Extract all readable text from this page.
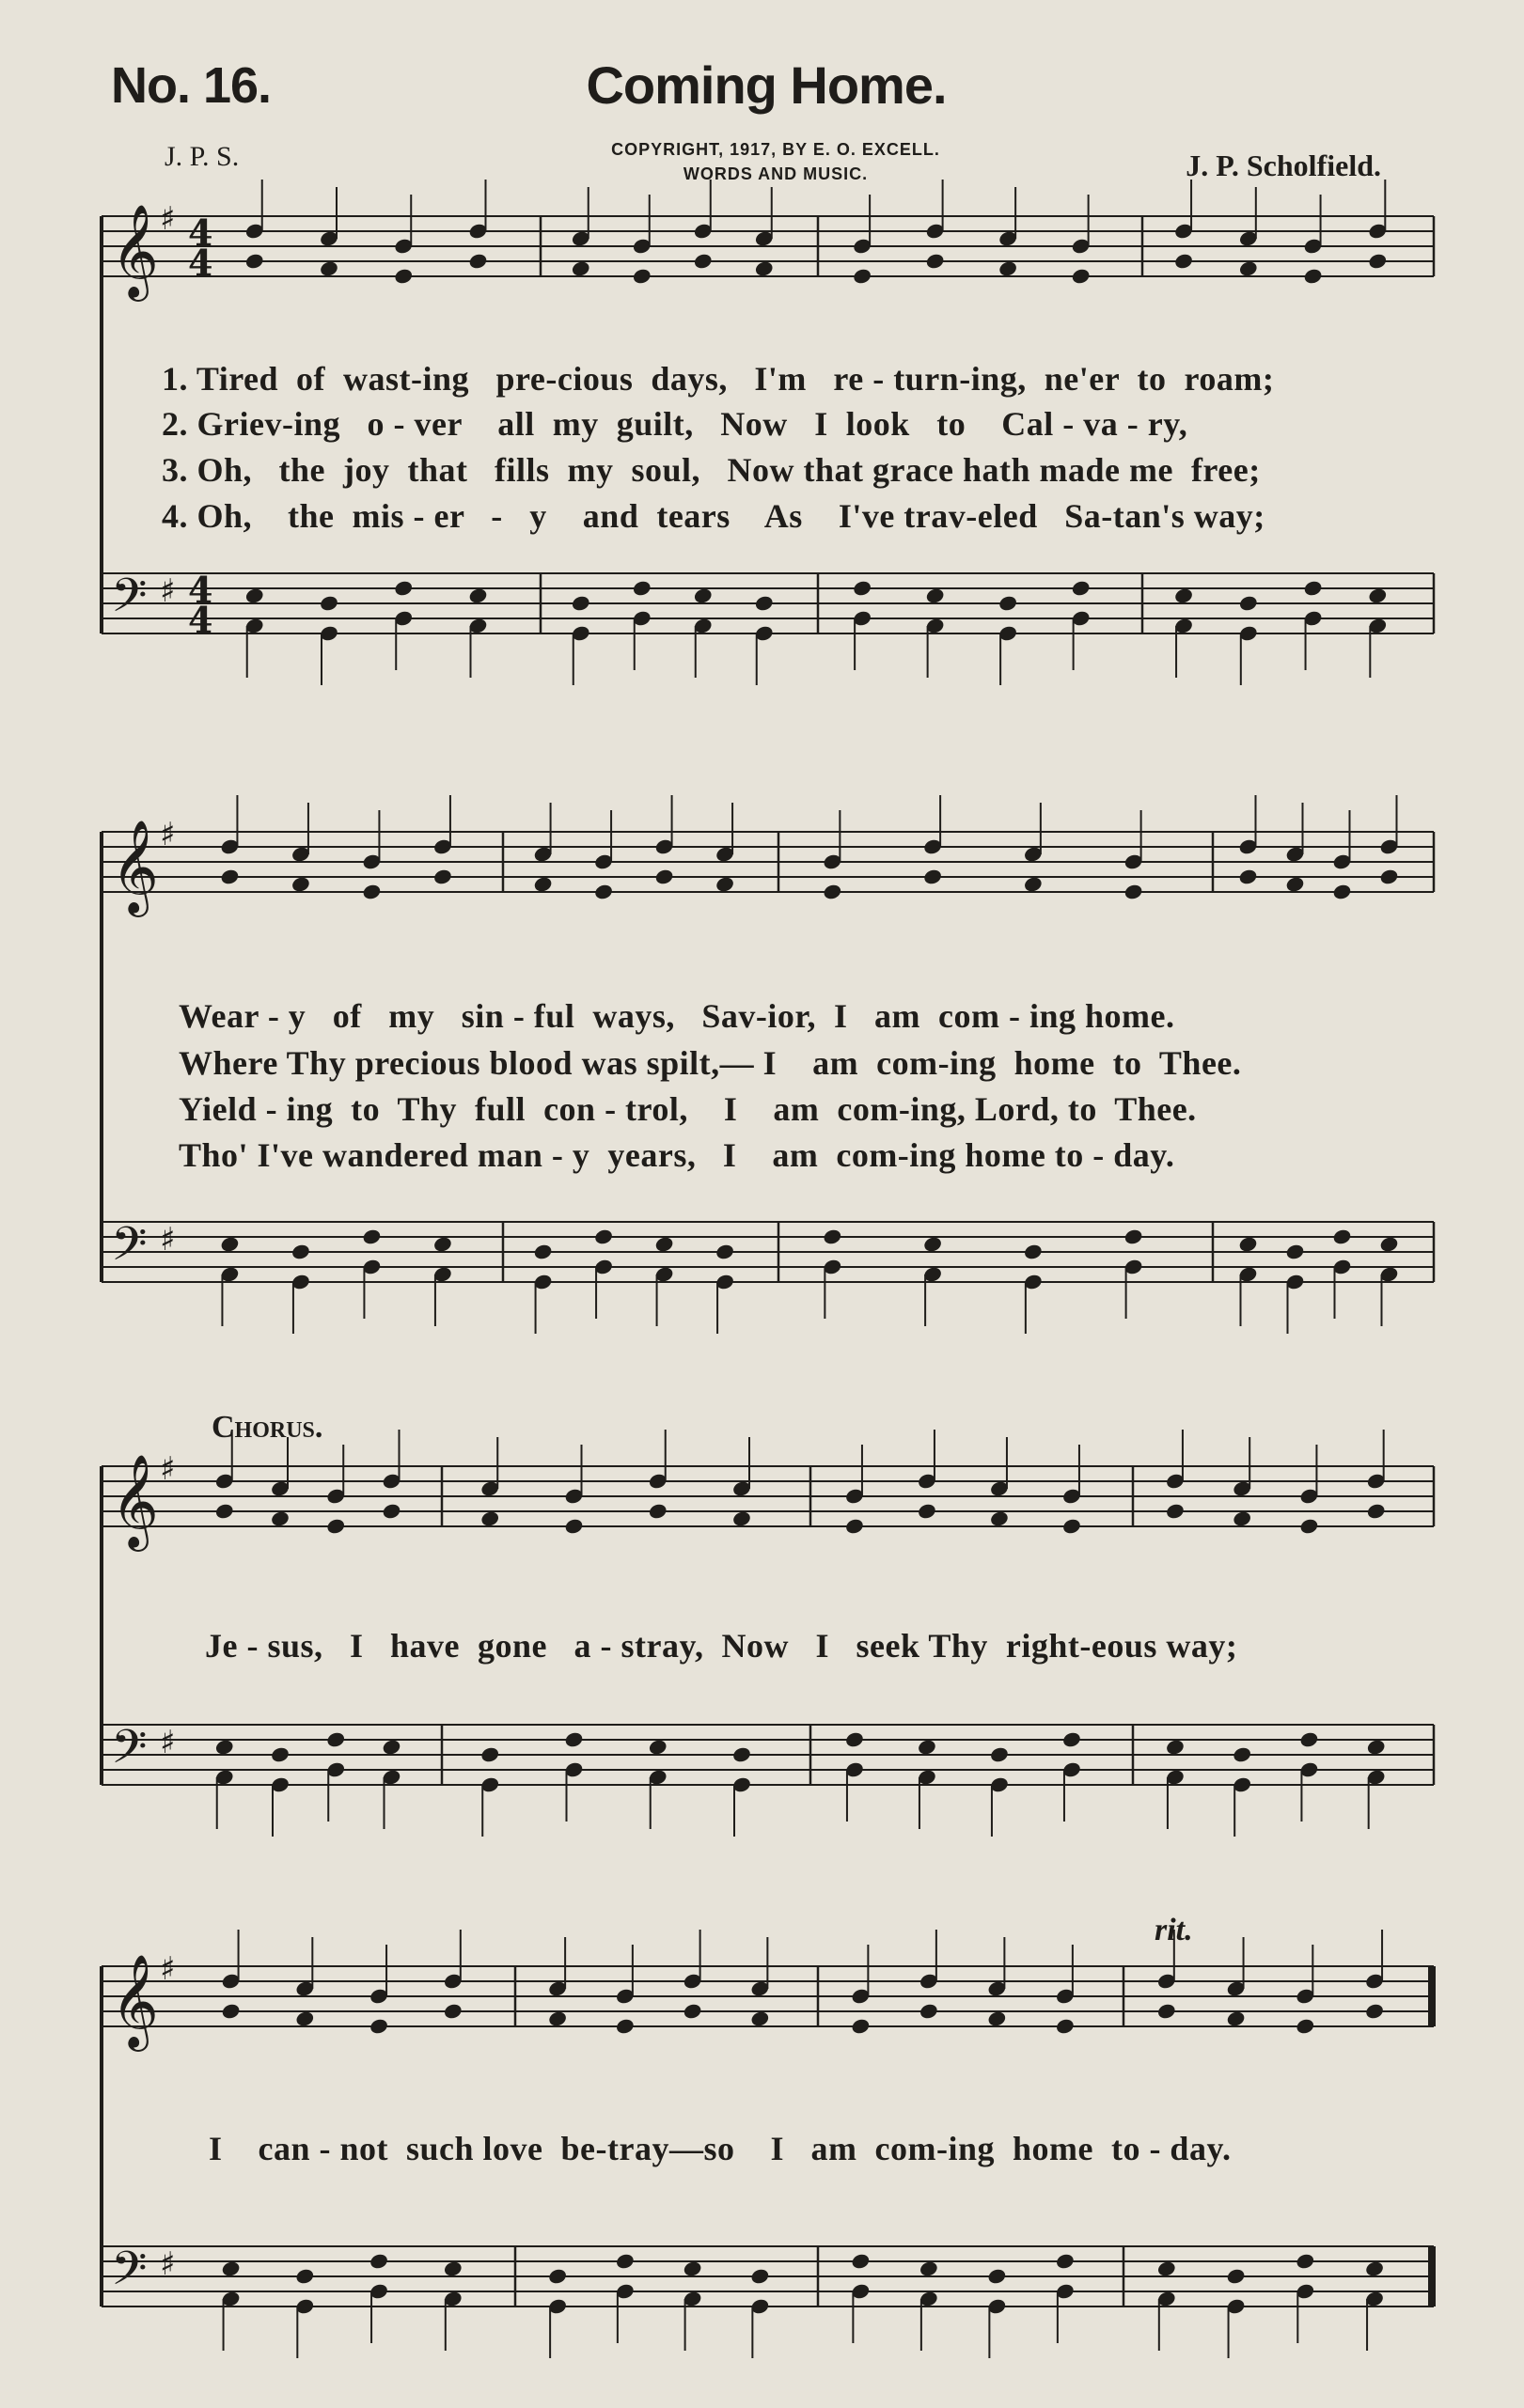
No. 16.	Coming Home.
J. P. S.	COPYRIGHT, 1917, BY E. O. EXCELL.
WORDS AND MUSIC.	J. P. Scholfield.
1. Tired  of  wast-ing   pre-cious  days,   I'm   re - turn-ing,  ne'er  to  roam;
2. Griev-ing   o - ver    all  my  guilt,   Now   I  look   to    Cal - va - ry,
3. Oh,   the  joy  that   fills  my  soul,   Now that grace hath made me  free;
4. Oh,    the  mis - er   -   y    and  tears    As    I've trav-eled   Sa-tan's way;
Wear - y   of   my   sin - ful  ways,   Sav-ior,  I   am  com - ing home.
Where Thy precious blood was spilt,— I    am  com-ing  home  to  Thee.
Yield - ing  to  Thy  full  con - trol,    I    am  com-ing, Lord, to  Thee.
Tho' I've wandered man - y  years,   I    am  com-ing home to - day.
Chorus.
Je - sus,   I   have  gone   a - stray,  Now   I   seek Thy  right-eous way;
rit.
I    can - not  such love  be-tray—so    I   am  com-ing  home  to - day.
𝄞 ♯ 4
4
𝄢 ♯ 4
4
𝄞 ♯
𝄢 ♯
𝄞 ♯
𝄢 ♯
𝄞 ♯
𝄢 ♯
